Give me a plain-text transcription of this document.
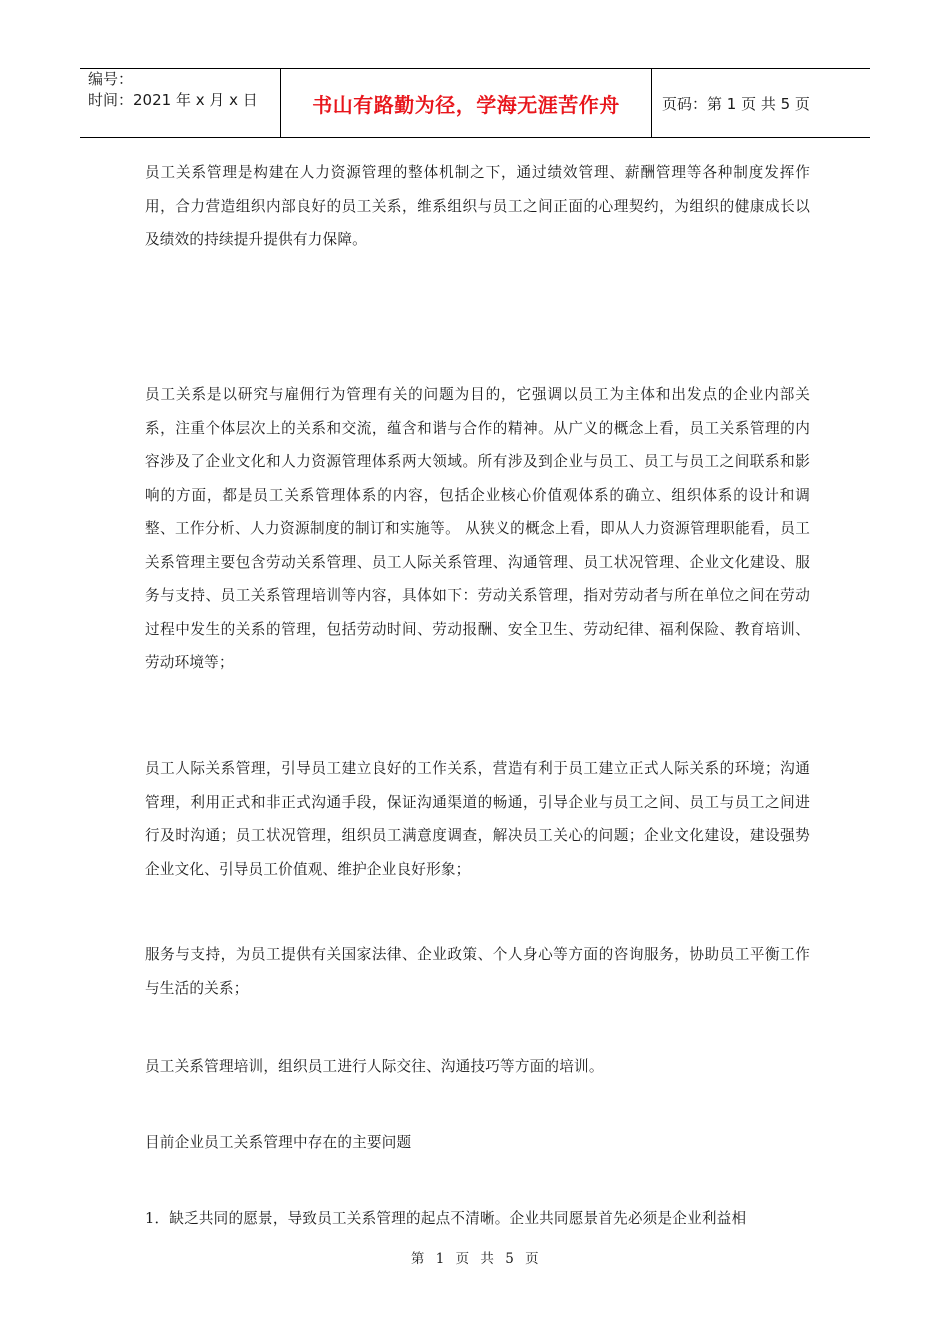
编号：
时间：2021 年 x 月 x 日	书山有路勤为径，学海无涯苦作舟	页码：第 1 页 共 5 页

员工关系管理是构建在人力资源管理的整体机制之下，通过绩效管理、薪酬管理等各种制度发挥作用，合力营造组织内部良好的员工关系，维系组织与员工之间正面的心理契约，为组织的健康成长以及绩效的持续提升提供有力保障。

员工关系是以研究与雇佣行为管理有关的问题为目的，它强调以员工为主体和出发点的企业内部关系，注重个体层次上的关系和交流，蕴含和谐与合作的精神。从广义的概念上看，员工关系管理的内容涉及了企业文化和人力资源管理体系两大领域。所有涉及到企业与员工、员工与员工之间联系和影响的方面，都是员工关系管理体系的内容，包括企业核心价值观体系的确立、组织体系的设计和调整、工作分析、人力资源制度的制订和实施等。 从狭义的概念上看，即从人力资源管理职能看，员工关系管理主要包含劳动关系管理、员工人际关系管理、沟通管理、员工状况管理、企业文化建设、服务与支持、员工关系管理培训等内容，具体如下：劳动关系管理，指对劳动者与所在单位之间在劳动过程中发生的关系的管理，包括劳动时间、劳动报酬、安全卫生、劳动纪律、福利保险、教育培训、劳动环境等；

员工人际关系管理，引导员工建立良好的工作关系，营造有利于员工建立正式人际关系的环境；沟通管理，利用正式和非正式沟通手段，保证沟通渠道的畅通，引导企业与员工之间、员工与员工之间进行及时沟通；员工状况管理，组织员工满意度调查，解决员工关心的问题；企业文化建设，建设强势企业文化、引导员工价值观、维护企业良好形象；

服务与支持，为员工提供有关国家法律、企业政策、个人身心等方面的咨询服务，协助员工平衡工作与生活的关系；

员工关系管理培训，组织员工进行人际交往、沟通技巧等方面的培训。

目前企业员工关系管理中存在的主要问题

1．缺乏共同的愿景，导致员工关系管理的起点不清晰。企业共同愿景首先必须是企业利益相

第 1 页 共 5 页
